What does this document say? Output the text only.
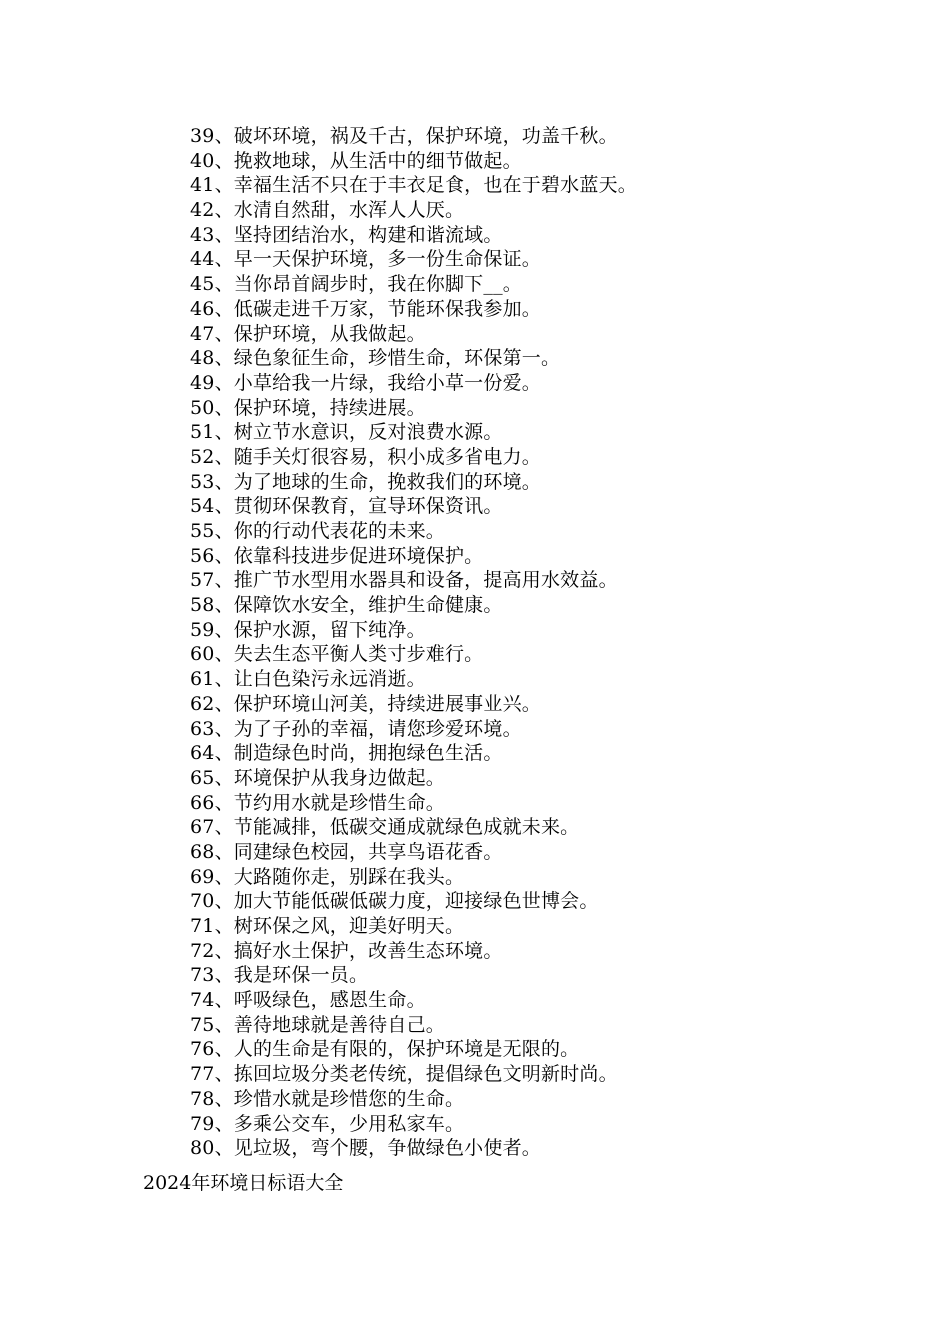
39、破坏环境，祸及千古，保护环境，功盖千秋。
40、挽救地球，从生活中的细节做起。
41、幸福生活不只在于丰衣足食，也在于碧水蓝天。
42、水清自然甜，水浑人人厌。
43、坚持团结治水，构建和谐流域。
44、早一天保护环境，多一份生命保证。
45、当你昂首阔步时，我在你脚下__。
46、低碳走进千万家，节能环保我参加。
47、保护环境，从我做起。
48、绿色象征生命，珍惜生命，环保第一。
49、小草给我一片绿，我给小草一份爱。
50、保护环境，持续进展。
51、树立节水意识，反对浪费水源。
52、随手关灯很容易，积小成多省电力。
53、为了地球的生命，挽救我们的环境。
54、贯彻环保教育，宣导环保资讯。
55、你的行动代表花的未来。
56、依靠科技进步促进环境保护。
57、推广节水型用水器具和设备，提高用水效益。
58、保障饮水安全，维护生命健康。
59、保护水源，留下纯净。
60、失去生态平衡人类寸步难行。
61、让白色染污永远消逝。
62、保护环境山河美，持续进展事业兴。
63、为了子孙的幸福，请您珍爱环境。
64、制造绿色时尚，拥抱绿色生活。
65、环境保护从我身边做起。
66、节约用水就是珍惜生命。
67、节能减排，低碳交通成就绿色成就未来。
68、同建绿色校园，共享鸟语花香。
69、大路随你走，别踩在我头。
70、加大节能低碳低碳力度，迎接绿色世博会。
71、树环保之风，迎美好明天。
72、搞好水土保护，改善生态环境。
73、我是环保一员。
74、呼吸绿色，感恩生命。
75、善待地球就是善待自己。
76、人的生命是有限的，保护环境是无限的。
77、拣回垃圾分类老传统，提倡绿色文明新时尚。
78、珍惜水就是珍惜您的生命。
79、多乘公交车，少用私家车。
80、见垃圾，弯个腰，争做绿色小使者。
2024年环境日标语大全
